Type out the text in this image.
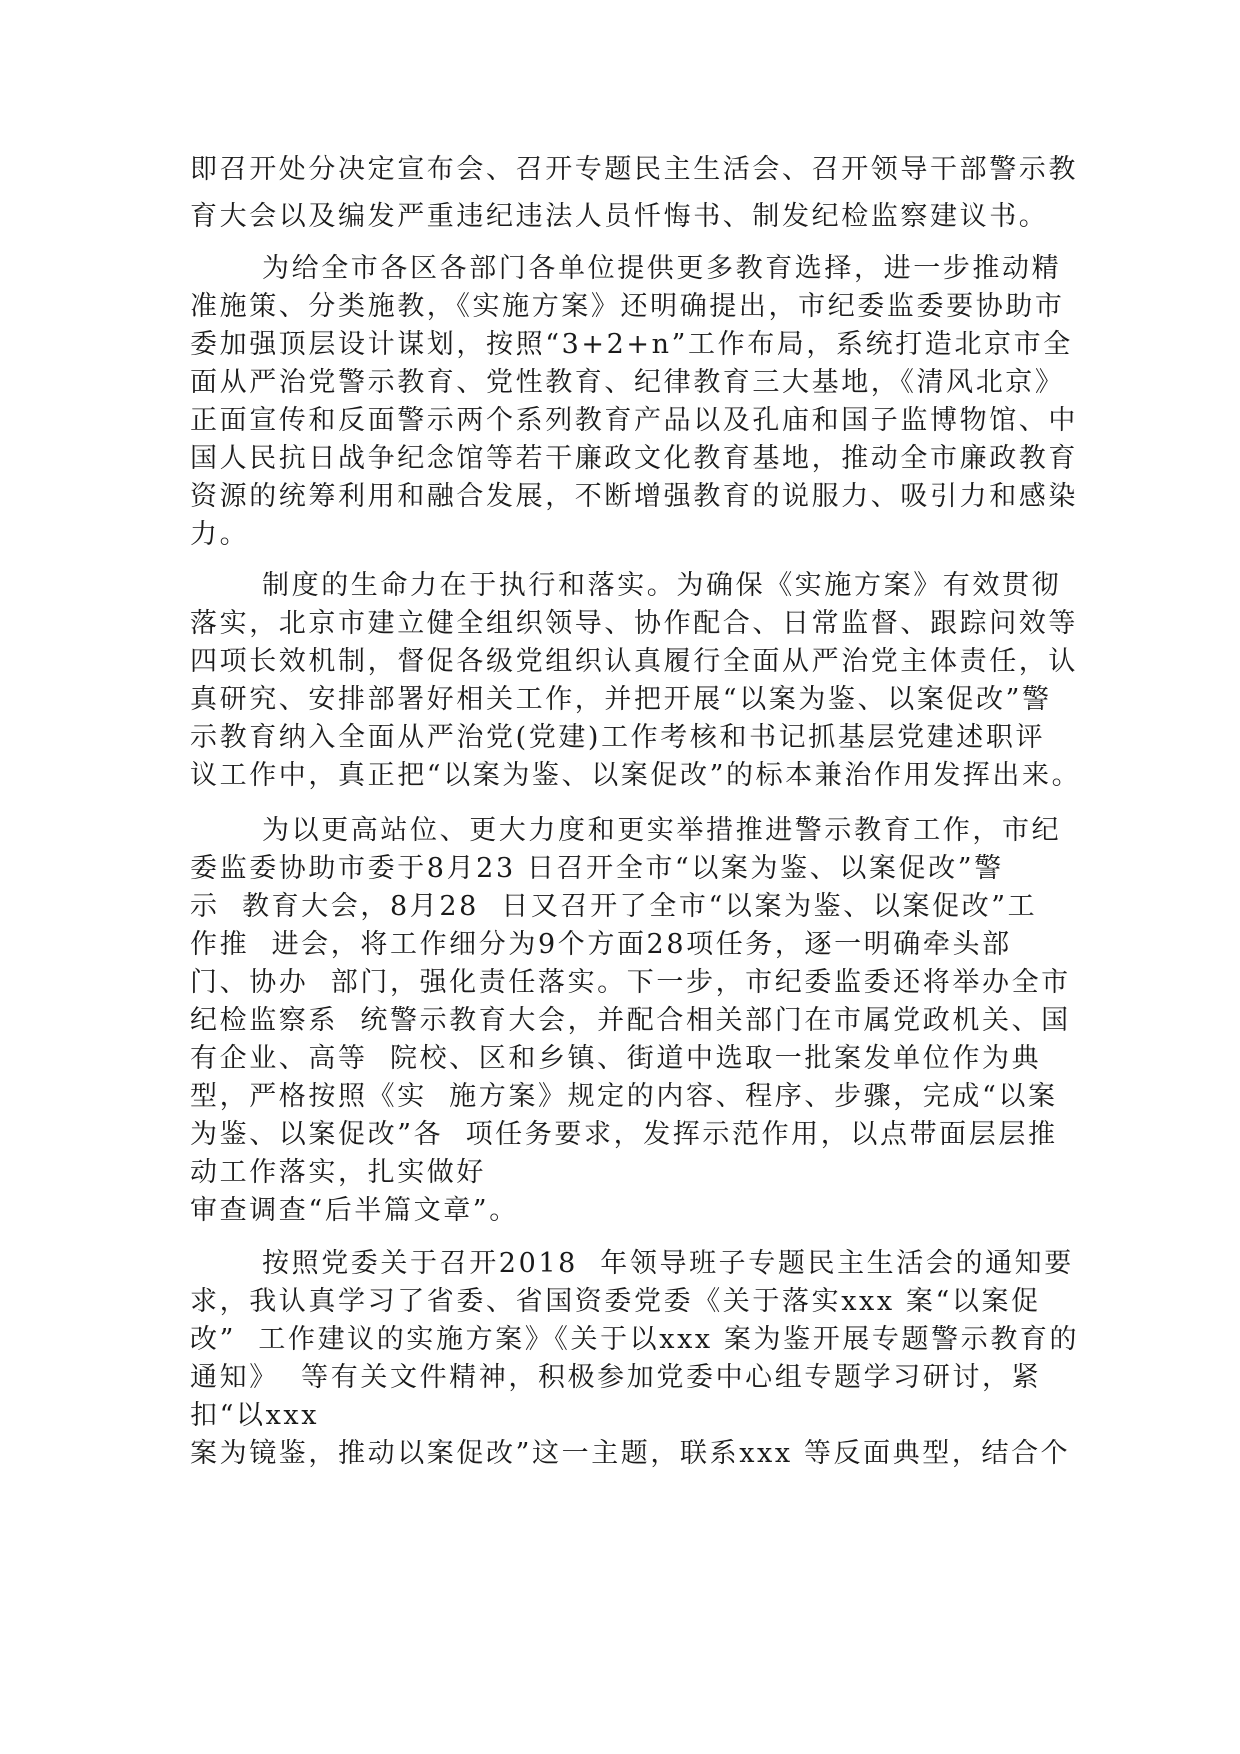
即召开处分决定宣布会、召开专题民主生活会、召开领导干部警示教
育大会以及编发严重违纪违法人员忏悔书、制发纪检监察建议书。
为给全市各区各部门各单位提供更多教育选择，进一步推动精
准施策、分类施教，《实施方案》还明确提出，市纪委监委要协助市
委加强顶层设计谋划，按照“3+2+n”工作布局，系统打造北京市全
面从严治党警示教育、党性教育、纪律教育三大基地，《清风北京》
正面宣传和反面警示两个系列教育产品以及孔庙和国子监博物馆、中
国人民抗日战争纪念馆等若干廉政文化教育基地，推动全市廉政教育
资源的统筹利用和融合发展，不断增强教育的说服力、吸引力和感染
力。
制度的生命力在于执行和落实。为确保《实施方案》有效贯彻
落实，北京市建立健全组织领导、协作配合、日常监督、跟踪问效等
四项长效机制，督促各级党组织认真履行全面从严治党主体责任，认
真研究、安排部署好相关工作，并把开展“以案为鉴、以案促改”警
示教育纳入全面从严治党(党建)工作考核和书记抓基层党建述职评
议工作中，真正把“以案为鉴、以案促改”的标本兼治作用发挥出来。
为以更高站位、更大力度和更实举措推进警示教育工作，市纪
委监委协助市委于8月23 日召开全市“以案为鉴、以案促改”警
示  教育大会，8月28  日又召开了全市“以案为鉴、以案促改”工
作推  进会，将工作细分为9个方面28项任务，逐一明确牵头部
门、协办  部门，强化责任落实。下一步，市纪委监委还将举办全市
纪检监察系  统警示教育大会，并配合相关部门在市属党政机关、国
有企业、高等  院校、区和乡镇、街道中选取一批案发单位作为典
型，严格按照《实  施方案》规定的内容、程序、步骤，完成“以案
为鉴、以案促改”各  项任务要求，发挥示范作用，以点带面层层推
动工作落实，扎实做好
审查调查“后半篇文章”。
按照党委关于召开2018  年领导班子专题民主生活会的通知要
求，我认真学习了省委、省国资委党委《关于落实xxx 案“以案促
改”  工作建议的实施方案》《关于以xxx 案为鉴开展专题警示教育的
通知》  等有关文件精神，积极参加党委中心组专题学习研讨，紧
扣“以xxx
案为镜鉴，推动以案促改”这一主题，联系xxx 等反面典型，结合个
